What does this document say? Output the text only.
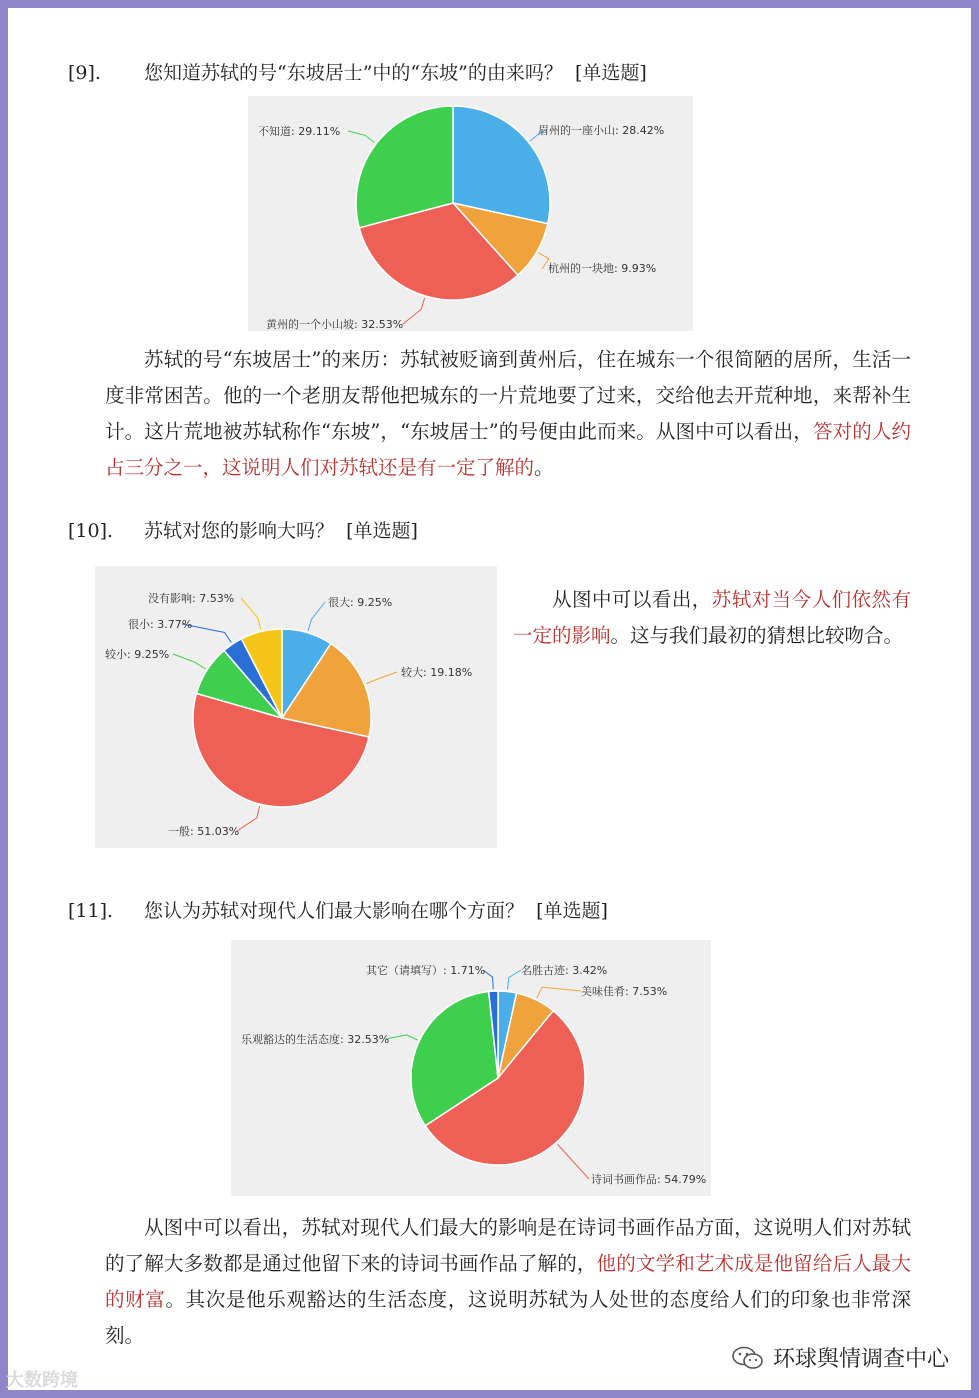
[9]. 您知道苏轼的号“东坡居士”中的“东坡”的由来吗？ [单选题]
眉州的一座小山: 28.42%
杭州的一块地: 9.93%
黄州的一个小山坡: 32.53%
不知道: 29.11%
苏轼的号“东坡居士”的来历：苏轼被贬谪到黄州后，住在城东一个很简陋的居所，生活一度非常困苦。他的一个老朋友帮他把城东的一片荒地要了过来，交给他去开荒种地，来帮补生计。这片荒地被苏轼称作“东坡”，“东坡居士”的号便由此而来。从图中可以看出，答对的人约占三分之一，这说明人们对苏轼还是有一定了解的。
[10]. 苏轼对您的影响大吗？ [单选题]
很大: 9.25%
较大: 19.18%
一般: 51.03%
较小: 9.25%
很小: 3.77%
没有影响: 7.53%	从图中可以看出，苏轼对当今人们依然有一定的影响。这与我们最初的猜想比较吻合。
[11]. 您认为苏轼对现代人们最大影响在哪个方面？ [单选题]
名胜古迹: 3.42%
美味佳肴: 7.53%
诗词书画作品: 54.79%
乐观豁达的生活态度: 32.53%
其它（请填写）: 1.71%
从图中可以看出，苏轼对现代人们最大的影响是在诗词书画作品方面，这说明人们对苏轼的了解大多数都是通过他留下来的诗词书画作品了解的，他的文学和艺术成是他留给后人最大的财富。其次是他乐观豁达的生活态度，这说明苏轼为人处世的态度给人们的印象也非常深刻。
大数跨境
环球舆情调查中心
